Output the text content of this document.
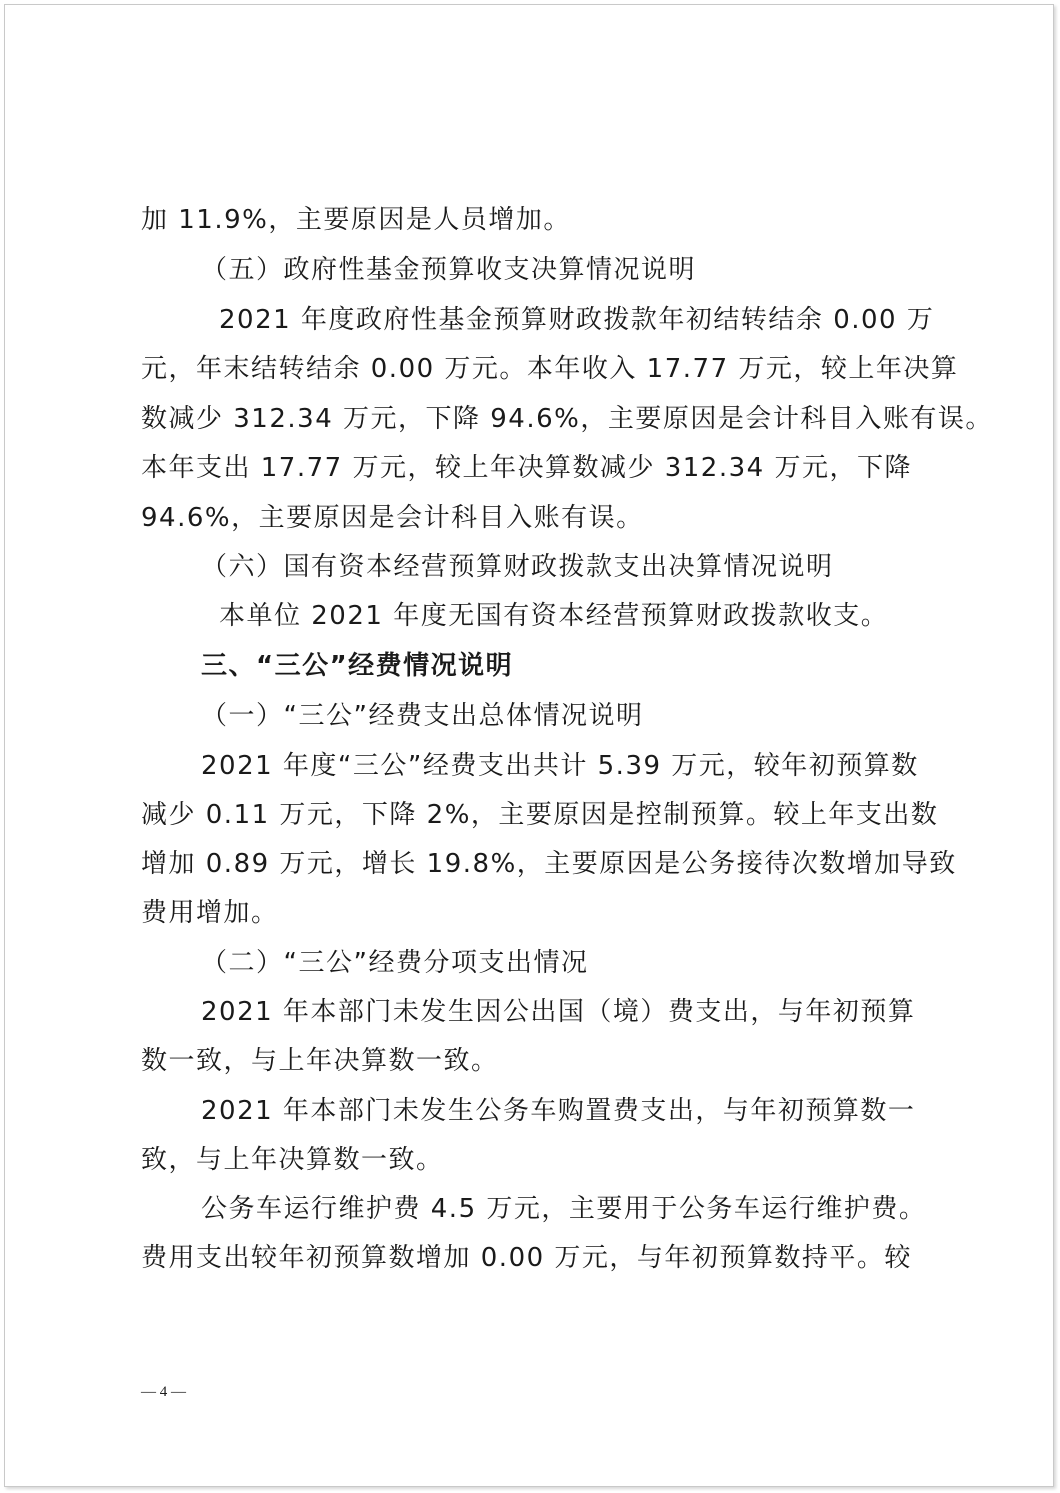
加 11.9%，主要原因是人员增加。
（五）政府性基金预算收支决算情况说明
2021 年度政府性基金预算财政拨款年初结转结余 0.00 万
元，年末结转结余 0.00 万元。本年收入 17.77 万元，较上年决算
数减少 312.34 万元，下降 94.6%，主要原因是会计科目入账有误。
本年支出 17.77 万元，较上年决算数减少 312.34 万元，下降
94.6%，主要原因是会计科目入账有误。
（六）国有资本经营预算财政拨款支出决算情况说明
本单位 2021 年度无国有资本经营预算财政拨款收支。
三、“三公”经费情况说明
（一）“三公”经费支出总体情况说明
2021 年度“三公”经费支出共计 5.39 万元，较年初预算数
减少 0.11 万元，下降 2%，主要原因是控制预算。较上年支出数
增加 0.89 万元，增长 19.8%，主要原因是公务接待次数增加导致
费用增加。
（二）“三公”经费分项支出情况
2021 年本部门未发生因公出国（境）费支出，与年初预算
数一致，与上年决算数一致。
2021 年本部门未发生公务车购置费支出，与年初预算数一
致，与上年决算数一致。
公务车运行维护费 4.5 万元，主要用于公务车运行维护费。
费用支出较年初预算数增加 0.00 万元，与年初预算数持平。较
— 4 —
